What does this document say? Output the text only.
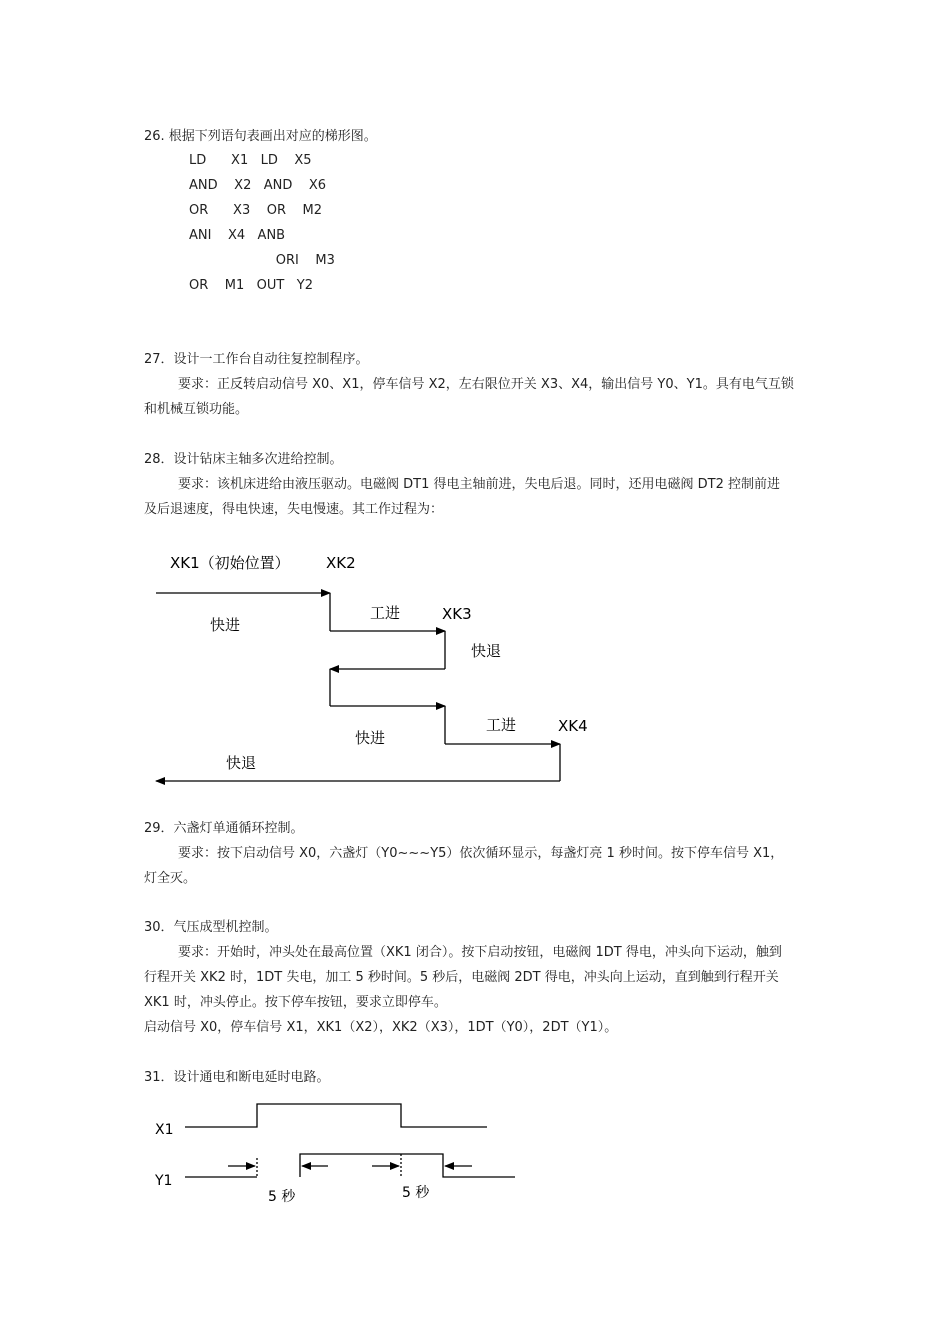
26. 根据下列语句表画出对应的梯形图。
LD      X1   LD    X5
AND    X2   AND    X6
OR      X3    OR    M2
ANI    X4   ANB
ORI    M3
OR    M1   OUT   Y2
27．设计一工作台自动往复控制程序。
要求：正反转启动信号 X0、X1，停车信号 X2，左右限位开关 X3、X4，输出信号 Y0、Y1。具有电气互锁
和机械互锁功能。
28．设计钻床主轴多次进给控制。
要求：该机床进给由液压驱动。电磁阀 DT1 得电主轴前进，失电后退。同时，还用电磁阀 DT2 控制前进
及后退速度，得电快速，失电慢速。其工作过程为：
XK1（初始位置） XK2
XK3
XK4
快进
工进
快退
工进
快进
快退
X1
Y1
5 秒	5 秒
29．六盏灯单通循环控制。
要求：按下启动信号 X0，六盏灯（Y0~~~Y5）依次循环显示，每盏灯亮 1 秒时间。按下停车信号 X1，
灯全灭。
30．气压成型机控制。
要求：开始时，冲头处在最高位置（XK1 闭合）。按下启动按钮，电磁阀 1DT 得电，冲头向下运动，触到
行程开关 XK2 时，1DT 失电，加工 5 秒时间。5 秒后，电磁阀 2DT 得电，冲头向上运动，直到触到行程开关
XK1 时，冲头停止。按下停车按钮，要求立即停车。
启动信号 X0，停车信号 X1，XK1（X2），XK2（X3），1DT（Y0），2DT（Y1）。
31．设计通电和断电延时电路。
